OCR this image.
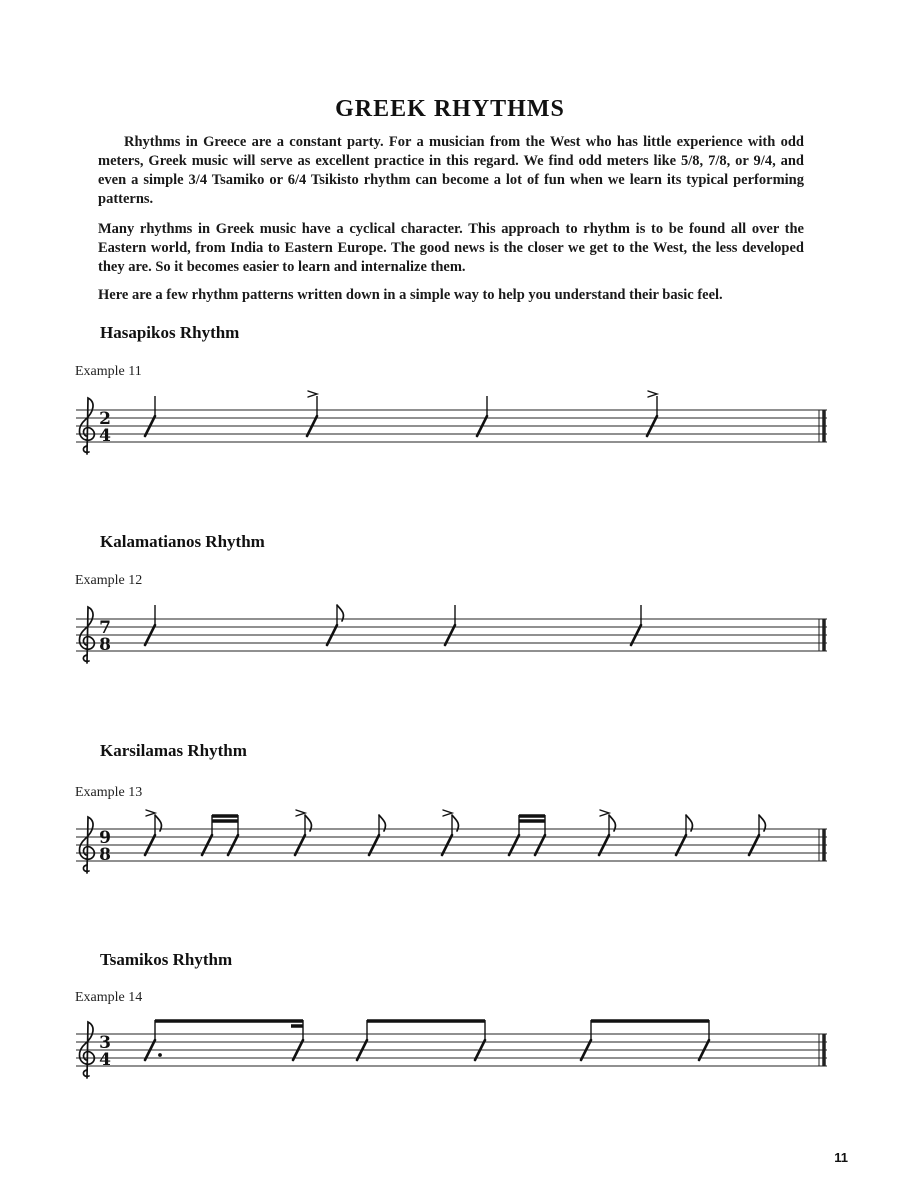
GREEK RHYTHMS

Rhythms in Greece are a constant party. For a musician from the West who has little experience with odd meters, Greek music will serve as excellent practice in this regard. We find odd meters like 5/8, 7/8, or 9/4, and even a simple 3/4 Tsamiko or 6/4 Tsikisto rhythm can become a lot of fun when we learn its typical performing patterns.

Many rhythms in Greek music have a cyclical character. This approach to rhythm is to be found all over the Eastern world, from India to Eastern Europe. The good news is the closer we get to the West, the less developed they are. So it becomes easier to learn and internalize them.

Here are a few rhythm patterns written down in a simple way to help you understand their basic feel.

Hasapikos Rhythm
Example 11
2
4
Kalamatianos Rhythm
Example 12
7
8
Karsilamas Rhythm
Example 13
9
8
Tsamikos Rhythm
Example 14
3
4
11
